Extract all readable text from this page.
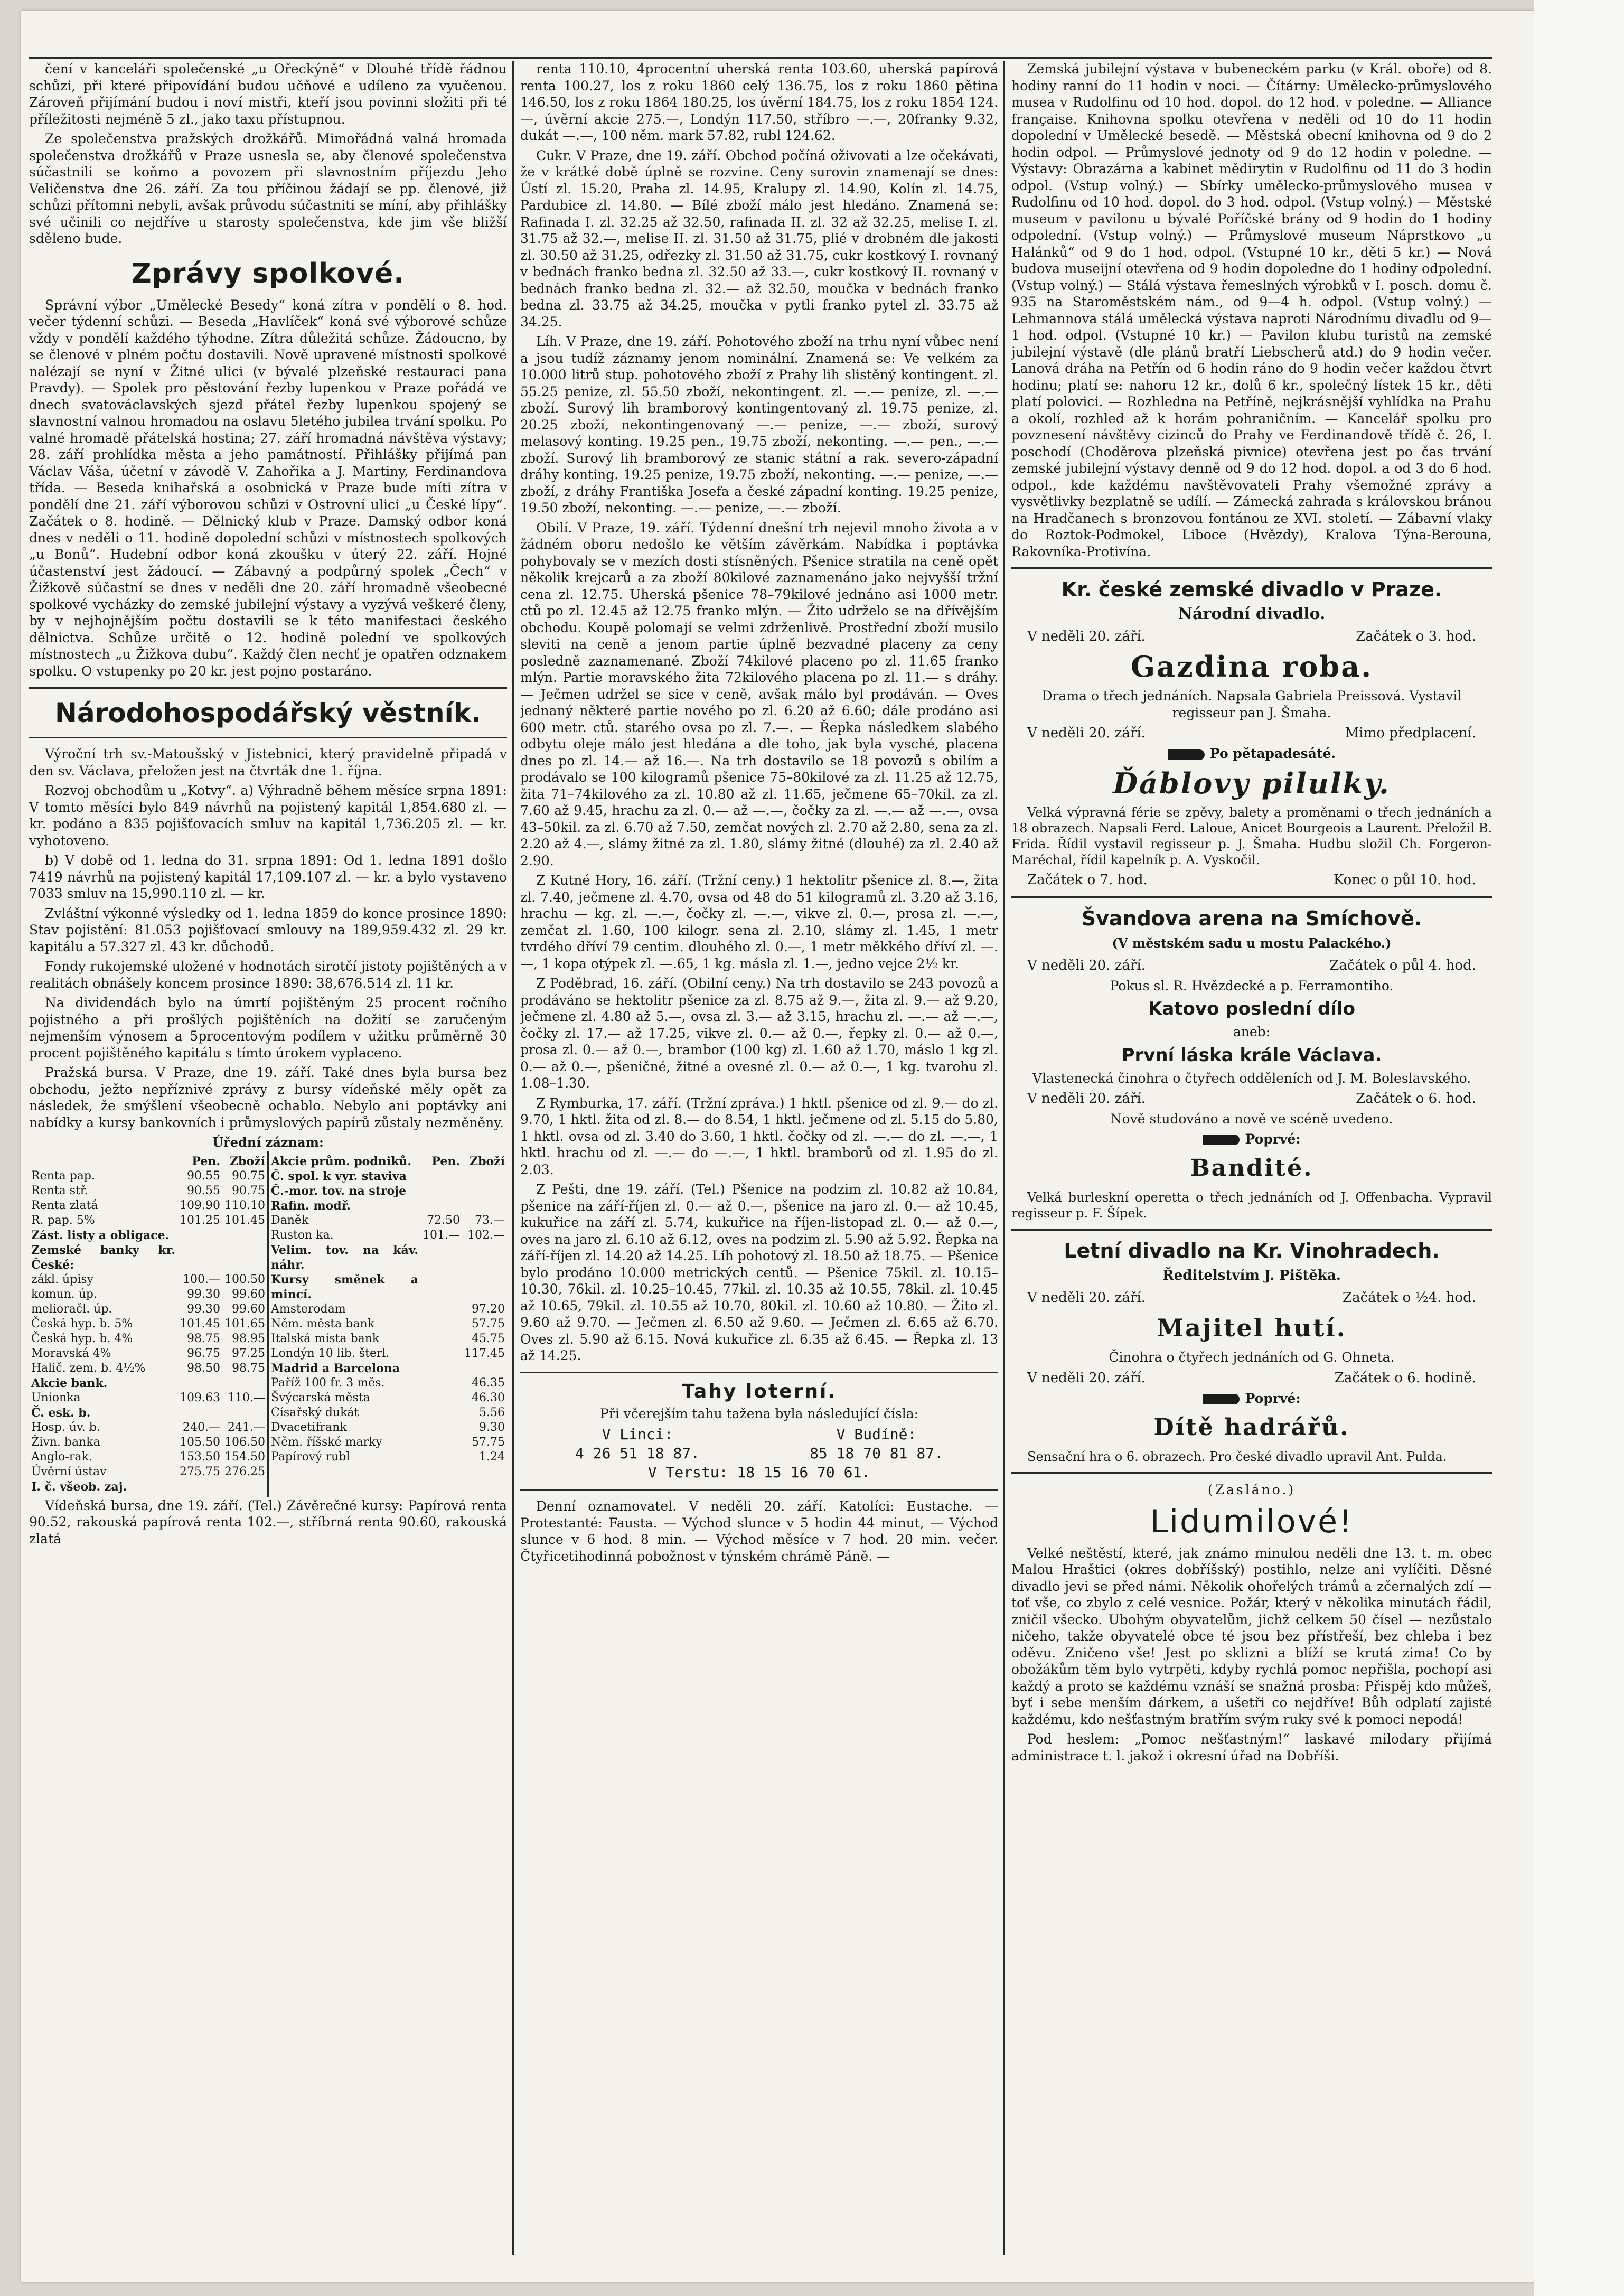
čení v kanceláři společenské „u Ořeckýně“ v Dlouhé třídě řádnou schůzi, při které připovídání budou učňové e udíleno za vyučenou. Zároveň přijímání budou i noví mistři, kteří jsou povinni složiti při té příležitosti nejméně 5 zl., jako taxu přístupnou.

Ze společenstva pražských drožkářů. Mimořádná valná hromada společenstva drožkářů v Praze usnesla se, aby členové společenstva súčastnili se koňmo a povozem při slavnostním příjezdu Jeho Veličenstva dne 26. září. Za tou příčinou žádají se pp. členové, již schůzi přítomni nebyli, avšak průvodu súčastniti se míní, aby přihlášky své učinili co nejdříve u starosty společenstva, kde jim vše bližší sděleno bude.

Zprávy spolkové.

Správní výbor „Umělecké Besedy“ koná zítra v pondělí o 8. hod. večer týdenní schůzi. — Beseda „Havlíček“ koná své výborové schůze vždy v pondělí každého týhodne. Zítra důležitá schůze. Žádoucno, by se členové v plném počtu dostavili. Nově upravené místnosti spolkové nalézají se nyní v Žitné ulici (v bývalé plzeňské restauraci pana Pravdy). — Spolek pro pěstování řezby lupenkou v Praze pořádá ve dnech svatováclavských sjezd přátel řezby lupenkou spojený se slavnostní valnou hromadou na oslavu 5letého jubilea trvání spolku. Po valné hromadě přátelská hostina; 27. září hromadná návštěva výstavy; 28. září prohlídka města a jeho památností. Přihlášky přijímá pan Václav Váša, účetní v závodě V. Zahořika a J. Martiny, Ferdinandova třída. — Beseda knihařská a osobnická v Praze bude míti zítra v pondělí dne 21. září výborovou schůzi v Ostrovní ulici „u České lípy“. Začátek o 8. hodině. — Dělnický klub v Praze. Damský odbor koná dnes v neděli o 11. hodině dopolední schůzi v místnostech spolkových „u Bonů“. Hudební odbor koná zkoušku v úterý 22. září. Hojné účastenství jest žádoucí. — Zábavný a podpůrný spolek „Čech“ v Žižkově súčastní se dnes v neděli dne 20. září hromadně všeobecné spolkové vycházky do zemské jubilejní výstavy a vyzývá veškeré členy, by v nejhojnějším počtu dostavili se k této manifestaci českého dělnictva. Schůze určitě o 12. hodině polední ve spolkových místnostech „u Žižkova dubu“. Každý člen nechť je opatřen odznakem spolku. O vstupenky po 20 kr. jest pojno postaráno.

Národohospodářský věstník.

Výroční trh sv.-Matoušský v Jistebnici, který pravidelně připadá v den sv. Václava, přeložen jest na čtvrták dne 1. října.

Rozvoj obchodům u „Kotvy“. a) Výhradně během měsíce srpna 1891: V tomto měsíci bylo 849 návrhů na pojistený kapitál 1,854.680 zl. — kr. podáno a 835 pojišťovacích smluv na kapitál 1,736.205 zl. — kr. vyhotoveno.

b) V době od 1. ledna do 31. srpna 1891: Od 1. ledna 1891 došlo 7419 návrhů na pojistený kapitál 17,109.107 zl. — kr. a bylo vystaveno 7033 smluv na 15,990.110 zl. — kr.

Zvláštní výkonné výsledky od 1. ledna 1859 do konce prosince 1890: Stav pojistění: 81.053 pojišťovací smlouvy na 189,959.432 zl. 29 kr. kapitálu a 57.327 zl. 43 kr. důchodů.

Fondy rukojemské uložené v hodnotách sirotčí jistoty pojištěných a v realitách obnášely koncem prosince 1890: 38,676.514 zl. 11 kr.

Na dividendách bylo na úmrtí pojištěným 25 procent ročního pojistného a při prošlých pojištěních na dožití se zaručeným nejmenším výnosem a 5procentovým podílem v užitku průměrně 30 procent pojištěného kapitálu s tímto úrokem vyplaceno.

Pražská bursa. V Praze, dne 19. září. Také dnes byla bursa bez obchodu, ježto nepříznivé zprávy z bursy vídeňské měly opět za následek, že smýšlení všeobecně ochablo. Nebylo ani poptávky ani nabídky a kursy bankovních i průmyslových papírů zůstaly nezměněny.

Úřední záznam:
	Pen.	Zboží
Renta pap.	90.55	90.75
Renta stř.	90.55	90.75
Renta zlatá	109.90	110.10
R. pap. 5%	101.25	101.45
Zást. listy a obligace.		
Zemské banky kr. České:		
zákl. úpisy	100.—	100.50
komun. úp.	99.30	99.60
melioračl. úp.	99.30	99.60
Česká hyp. b. 5%	101.45	101.65
Česká hyp. b. 4%	98.75	98.95
Moravská 4%	96.75	97.25
Halič. zem. b. 4½%	98.50	98.75
Akcie bank.		
Unionka	109.63	110.—
Č. esk. b.		
Hosp. úv. b.	240.—	241.—
Živn. banka	105.50	106.50
Anglo-rak.	153.50	154.50
Úvěrní ústav	275.75	276.25
I. č. všeob. zaj.		
Akcie prům. podniků.	Pen.	Zboží
Č. spol. k vyr. staviva		
Č.-mor. tov. na stroje		
Rafin. modř.		
Daněk	72.50	73.—
Ruston ka.	101.—	102.—
Velim. tov. na káv. náhr.		
Kursy směnek a mincí.		
Amsterodam		97.20
Něm. města bank		57.75
Italská místa bank		45.75
Londýn 10 lib. šterl.		117.45
Madrid a Barcelona		
Paříž 100 fr. 3 měs.		46.35
Švýcarská města		46.30
Císařský dukát		5.56
Dvacetifrank		9.30
Něm. říšské marky		57.75
Papírový rubl		1.24

Vídeňská bursa, dne 19. září. (Tel.) Závěrečné kursy: Papírová renta 90.52, rakouská papírová renta 102.—, stříbrná renta 90.60, rakouská zlatá

renta 110.10, 4procentní uherská renta 103.60, uherská papírová renta 100.27, los z roku 1860 celý 136.75, los z roku 1860 pětina 146.50, los z roku 1864 180.25, los úvěrní 184.75, los z roku 1854 124.—, úvěrní akcie 275.—, Londýn 117.50, stříbro —.—, 20franky 9.32, dukát —.—, 100 něm. mark 57.82, rubl 124.62.

Cukr. V Praze, dne 19. září. Obchod počíná oživovati a lze očekávati, že v krátké době úplně se rozvine. Ceny surovin znamenají se dnes: Ústí zl. 15.20, Praha zl. 14.95, Kralupy zl. 14.90, Kolín zl. 14.75, Pardubice zl. 14.80. — Bílé zboží málo jest hledáno. Znamená se: Rafinada I. zl. 32.25 až 32.50, rafinada II. zl. 32 až 32.25, melise I. zl. 31.75 až 32.—, melise II. zl. 31.50 až 31.75, plié v drobném dle jakosti zl. 30.50 až 31.25, odřezky zl. 31.50 až 31.75, cukr kostkový I. rovnaný v bednách franko bedna zl. 32.50 až 33.—, cukr kostkový II. rovnaný v bednách franko bedna zl. 32.— až 32.50, moučka v bednách franko bedna zl. 33.75 až 34.25, moučka v pytli franko pytel zl. 33.75 až 34.25.

Líh. V Praze, dne 19. září. Pohotového zboží na trhu nyní vůbec není a jsou tudíž záznamy jenom nominální. Znamená se: Ve velkém za 10.000 litrů stup. pohotového zboží z Prahy lih slistěný kontingent. zl. 55.25 penize, zl. 55.50 zboží, nekontingent. zl. —.— penize, zl. —.— zboží. Surový lih bramborový kontingentovaný zl. 19.75 penize, zl. 20.25 zboží, nekontingenovaný —.— penize, —.— zboží, surový melasový konting. 19.25 pen., 19.75 zboží, nekonting. —.— pen., —.— zboží. Surový lih bramborový ze stanic státní a rak. severo-západní dráhy konting. 19.25 penize, 19.75 zboží, nekonting. —.— penize, —.— zboží, z dráhy Františka Josefa a české západní konting. 19.25 penize, 19.50 zboží, nekonting. —.— penize, —.— zboží.

Obilí. V Praze, 19. září. Týdenní dnešní trh nejevil mnoho života a v žádném oboru nedošlo ke větším závěrkám. Nabídka i poptávka pohybovaly se v mezích dosti stísněných. Pšenice stratila na ceně opět několik krejcarů a za zboží 80kilové zaznamenáno jako nejvyšší tržní cena zl. 12.75. Uherská pšenice 78–79kilové jednáno asi 1000 metr. ctů po zl. 12.45 až 12.75 franko mlýn. — Žito udrželo se na dřívějším obchodu. Koupě polomají se velmi zdrženlivě. Prostřední zboží musilo sleviti na ceně a jenom partie úplně bezvadné placeny za ceny posledně zaznamenané. Zboží 74kilové placeno po zl. 11.65 franko mlýn. Partie moravského žita 72kilového placena po zl. 11.— s dráhy. — Ječmen udržel se sice v ceně, avšak málo byl prodáván. — Oves jednaný některé partie nového po zl. 6.20 až 6.60; dále prodáno asi 600 metr. ctů. starého ovsa po zl. 7.—. — Řepka následkem slabého odbytu oleje málo jest hledána a dle toho, jak byla vysché, placena dnes po zl. 14.— až 16.—. Na trh dostavilo se 18 povozů s obilím a prodávalo se 100 kilogramů pšenice 75–80kilové za zl. 11.25 až 12.75, žita 71–74kilového za zl. 10.80 až zl. 11.65, ječmene 65–70kil. za zl. 7.60 až 9.45, hrachu za zl. 0.— až —.—, čočky za zl. —.— až —.—, ovsa 43–50kil. za zl. 6.70 až 7.50, zemčat nových zl. 2.70 až 2.80, sena za zl. 2.20 až 4.—, slámy žitné za zl. 1.80, slámy žitné (dlouhé) za zl. 2.40 až 2.90.

Z Kutné Hory, 16. září. (Tržní ceny.) 1 hektolitr pšenice zl. 8.—, žita zl. 7.40, ječmene zl. 4.70, ovsa od 48 do 51 kilogramů zl. 3.20 až 3.16, hrachu — kg. zl. —.—, čočky zl. —.—, vikve zl. 0.—, prosa zl. —.—, zemčat zl. 1.60, 100 kilogr. sena zl. 2.10, slámy zl. 1.45, 1 metr tvrdého dříví 79 centim. dlouhého zl. 0.—, 1 metr měkkého dříví zl. —.—, 1 kopa otýpek zl. —.65, 1 kg. másla zl. 1.—, jedno vejce 2½ kr.

Z Poděbrad, 16. září. (Obilní ceny.) Na trh dostavilo se 243 povozů a prodáváno se hektolitr pšenice za zl. 8.75 až 9.—, žita zl. 9.— až 9.20, ječmene zl. 4.80 až 5.—, ovsa zl. 3.— až 3.15, hrachu zl. —.— až —.—, čočky zl. 17.— až 17.25, vikve zl. 0.— až 0.—, řepky zl. 0.— až 0.—, prosa zl. 0.— až 0.—, brambor (100 kg) zl. 1.60 až 1.70, máslo 1 kg zl. 0.— až 0.—, pšeničné, žitné a ovesné zl. 0.— až 0.—, 1 kg. tvarohu zl. 1.08–1.30.

Z Rymburka, 17. září. (Tržní zpráva.) 1 hktl. pšenice od zl. 9.— do zl. 9.70, 1 hktl. žita od zl. 8.— do 8.54, 1 hktl. ječmene od zl. 5.15 do 5.80, 1 hktl. ovsa od zl. 3.40 do 3.60, 1 hktl. čočky od zl. —.— do zl. —.—, 1 hktl. hrachu od zl. —.— do —.—, 1 hktl. bramborů od zl. 1.95 do zl. 2.03.

Z Pešti, dne 19. září. (Tel.) Pšenice na podzim zl. 10.82 až 10.84, pšenice na září-říjen zl. 0.— až 0.—, pšenice na jaro zl. 0.— až 10.45, kukuřice na září zl. 5.74, kukuřice na říjen-listopad zl. 0.— až 0.—, oves na jaro zl. 6.10 až 6.12, oves na podzim zl. 5.90 až 5.92. Řepka na září-říjen zl. 14.20 až 14.25. Líh pohotový zl. 18.50 až 18.75. — Pšenice bylo prodáno 10.000 metrických centů. — Pšenice 75kil. zl. 10.15–10.30, 76kil. zl. 10.25–10.45, 77kil. zl. 10.35 až 10.55, 78kil. zl. 10.45 až 10.65, 79kil. zl. 10.55 až 10.70, 80kil. zl. 10.60 až 10.80. — Žito zl. 9.60 až 9.70. — Ječmen zl. 6.50 až 9.60. — Ječmen zl. 6.65 až 6.70. Oves zl. 5.90 až 6.15. Nová kukuřice zl. 6.35 až 6.45. — Řepka zl. 13 až 14.25.

Tahy loterní.

Při včerejším tahu tažena byla následující čísla:

V Linci:
4 26 51 18 87.
V Budíně:
85 18 70 81 87.
V Terstu: 18 15 16 70 61.

Denní oznamovatel. V neděli 20. září. Katolíci: Eustache. — Protestanté: Fausta. — Východ slunce v 5 hodin 44 minut, — Východ slunce v 6 hod. 8 min. — Východ měsíce v 7 hod. 20 min. večer. Čtyřicetihodinná pobožnost v týnském chrámě Páně. —

Zemská jubilejní výstava v bubeneckém parku (v Král. oboře) od 8. hodiny ranní do 11 hodin v noci. — Čítárny: Umělecko-průmyslového musea v Rudolfinu od 10 hod. dopol. do 12 hod. v poledne. — Alliance française. Knihovna spolku otevřena v neděli od 10 do 11 hodin dopolední v Umělecké besedě. — Městská obecní knihovna od 9 do 2 hodin odpol. — Průmyslové jednoty od 9 do 12 hodin v poledne. — Výstavy: Obrazárna a kabinet mědirytin v Rudolfinu od 11 do 3 hodin odpol. (Vstup volný.) — Sbírky umělecko-průmyslového musea v Rudolfinu od 10 hod. dopol. do 3 hod. odpol. (Vstup volný.) — Městské museum v pavilonu u bývalé Poříčské brány od 9 hodin do 1 hodiny odpolední. (Vstup volný.) — Průmyslové museum Náprstkovo „u Halánků“ od 9 do 1 hod. odpol. (Vstupné 10 kr., děti 5 kr.) — Nová budova museijní otevřena od 9 hodin dopoledne do 1 hodiny odpolední. (Vstup volný.) — Stálá výstava řemeslných výrobků v I. posch. domu č. 935 na Staroměstském nám., od 9—4 h. odpol. (Vstup volný.) — Lehmannova stálá umělecká výstava naproti Národnímu divadlu od 9—1 hod. odpol. (Vstupné 10 kr.) — Pavilon klubu turistů na zemské jubilejní výstavě (dle plánů bratří Liebscherů atd.) do 9 hodin večer. Lanová dráha na Petřín od 6 hodin ráno do 9 hodin večer každou čtvrt hodinu; platí se: nahoru 12 kr., dolů 6 kr., společný lístek 15 kr., děti platí polovici. — Rozhledna na Petříně, nejkrásnější vyhlídka na Prahu a okolí, rozhled až k horám pohraničním. — Kancelář spolku pro povznesení návštěvy cizinců do Prahy ve Ferdinandově třídě č. 26, I. poschodí (Choděrova plzeňská pivnice) otevřena jest po čas trvání zemské jubilejní výstavy denně od 9 do 12 hod. dopol. a od 3 do 6 hod. odpol., kde každému navštěvovateli Prahy všemožné zprávy a vysvětlivky bezplatně se udílí. — Zámecká zahrada s královskou bránou na Hradčanech s bronzovou fontánou ze XVI. století. — Zábavní vlaky do Roztok-Podmokel, Liboce (Hvězdy), Kralova Týna-Berouna, Rakovníka-Protivína.

Kr. české zemské divadlo v Praze.
Národní divadlo.
V neděli 20. září.	Začátek o 3. hod.
Gazdina roba.

Drama o třech jednáních. Napsala Gabriela Preissová. Vystavil regisseur pan J. Šmaha.

V neděli 20. září.	Mimo předplacení.
Po pětapadesáté.
Ďáblovy pilulky.

Velká výpravná férie se zpěvy, balety a proměnami o třech jednáních a 18 obrazech. Napsali Ferd. Laloue, Anicet Bourgeois a Laurent. Přeložil B. Frida. Řídil vystavil regisseur p. J. Šmaha. Hudbu složil Ch. Forgeron-Maréchal, řídil kapelník p. A. Vyskočil.

Začátek o 7. hod.	Konec o půl 10. hod.
Švandova arena na Smíchově.
(V městském sadu u mostu Palackého.)
V neděli 20. září.	Začátek o půl 4. hod.

Pokus sl. R. Hvězdecké a p. Ferramontiho.

Katovo poslední dílo

aneb:

První láska krále Václava.

Vlastenecká činohra o čtyřech odděleních od J. M. Boleslavského.

V neděli 20. září.	Začátek o 6. hod.

Nově studováno a nově ve scéně uvedeno.

Poprvé:
Bandité.

Velká burleskní operetta o třech jednáních od J. Offenbacha. Vypravil regisseur p. F. Šípek.

Letní divadlo na Kr. Vinohradech.
Ředitelstvím J. Pištěka.
V neděli 20. září.	Začátek o ½4. hod.
Majitel hutí.

Činohra o čtyřech jednáních od G. Ohneta.

V neděli 20. září.	Začátek o 6. hodině.
Poprvé:
Dítě hadrářů.

Sensační hra o 6. obrazech. Pro české divadlo upravil Ant. Pulda.

(Zasláno.)
Lidumilové!

Velké neštěstí, které, jak známo minulou neděli dne 13. t. m. obec Malou Hraštici (okres dobříšský) postihlo, nelze ani vylíčiti. Děsné divadlo jevi se před námi. Několik ohořelých trámů a zčernalých zdí — toť vše, co zbylo z celé vesnice. Požár, který v několika minutách řádil, zničil všecko. Ubohým obyvatelům, jichž celkem 50 čísel — nezůstalo ničeho, takže obyvatelé obce té jsou bez přístřeší, bez chleba i bez oděvu. Zničeno vše! Jest po sklizni a blíží se krutá zima! Co by obožákům těm bylo vytrpěti, kdyby rychlá pomoc nepřišla, pochopí asi každý a proto se každému vznáší se snažná prosba: Přispěj kdo můžeš, byť i sebe menším dárkem, a ušetři co nejdříve! Bůh odplatí zajisté každému, kdo nešťastným bratřím svým ruky své k pomoci nepodá!

Pod heslem: „Pomoc nešťastným!“ laskavé milodary přijímá administrace t. l. jakož i okresní úřad na Dobříši.
